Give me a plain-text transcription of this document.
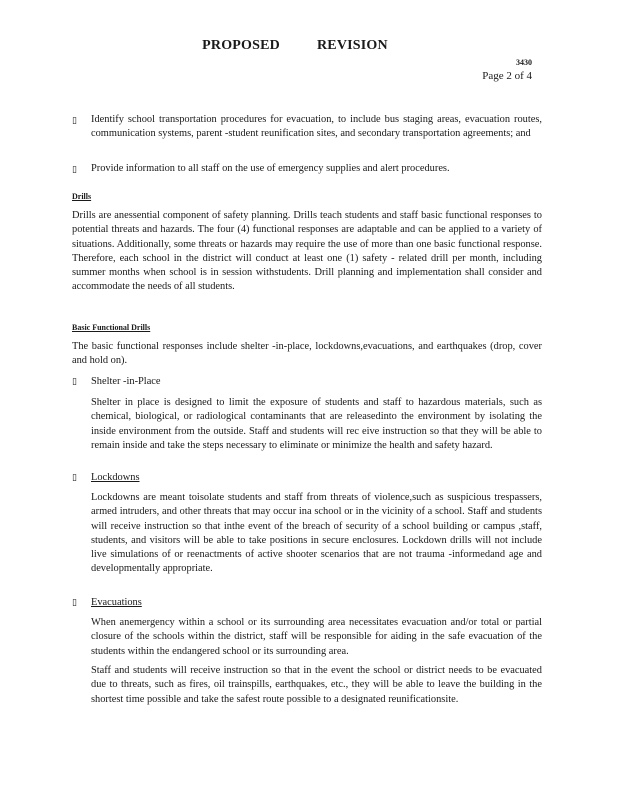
PROPOSED          REVISION
3430
Page 2 of 4
▯ Identify school transportation procedures for evacuation, to include bus staging areas, evacuation routes, communication systems, parent -student reunification sites, and secondary transportation agreements; and
▯ Provide information to all staff on the use of emergency supplies and alert procedures.
Drills
Drills are anessential component of safety planning. Drills teach students and staff basic functional responses to potential threats and hazards. The four (4) functional responses are adaptable and can be applied to a variety of situations. Additionally, some threats or hazards may require the use of more than one basic functional response. Therefore, each school in the district will conduct at least one (1) safety - related drill per month, including summer months when school is in session withstudents. Drill planning and implementation shall consider and accommodate the needs of all students.
Basic Functional Drills
The basic functional responses include shelter -in-place, lockdowns,evacuations, and earthquakes (drop, cover and hold on).
▯ Shelter -in-Place
Shelter in place is designed to limit the exposure of students and staff to hazardous materials, such as chemical, biological, or radiological contaminants that are releasedinto the environment by isolating the inside environment from the outside. Staff and students will rec eive instruction so that they will be able to remain inside and take the steps necessary to eliminate or minimize the health and safety hazard.
▯ Lockdowns
Lockdowns are meant toisolate students and staff from threats of violence,such as suspicious trespassers, armed intruders, and other threats that may occur ina school or in the vicinity of a school. Staff and students will receive instruction so that inthe event of the breach of security of a school building or campus ,staff, students, and visitors will be able to take positions in secure enclosures. Lockdown drills will not include live simulations of or reenactments of active shooter scenarios that are not trauma -informedand age and developmentally appropriate.
▯ Evacuations
When anemergency within a school or its surrounding area necessitates evacuation and/or total or partial closure of the schools within the district, staff will be responsible for aiding in the safe evacuation of the students within the endangered school or its surrounding area.
Staff and students will receive instruction so that in the event the school or district needs to be evacuated due to threats, such as fires, oil trainspills, earthquakes, etc., they will be able to leave the building in the shortest time possible and take the safest route possible to a designated reunificationsite.
